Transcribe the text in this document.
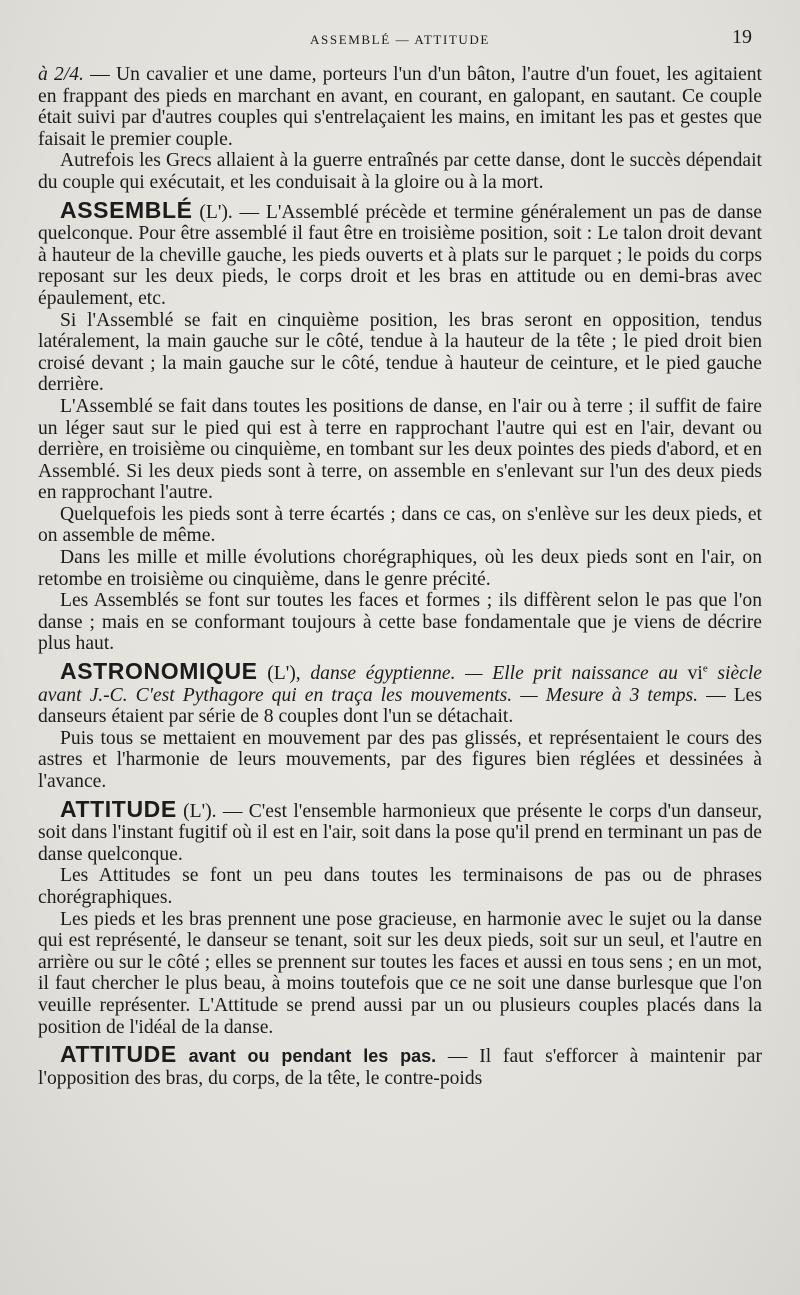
ASSEMBLÉ — ATTITUDE	19

à 2/4. — Un cavalier et une dame, porteurs l'un d'un bâton, l'autre d'un fouet, les agitaient en frappant des pieds en marchant en avant, en courant, en galopant, en sautant. Ce couple était suivi par d'autres couples qui s'entrelaçaient les mains, en imitant les pas et gestes que faisait le premier couple.

Autrefois les Grecs allaient à la guerre entraînés par cette danse, dont le succès dépendait du couple qui exécutait, et les conduisait à la gloire ou à la mort.

ASSEMBLÉ (L'). — L'Assemblé précède et termine généralement un pas de danse quelconque. Pour être assemblé il faut être en troisième position, soit : Le talon droit devant à hauteur de la cheville gauche, les pieds ouverts et à plats sur le parquet ; le poids du corps reposant sur les deux pieds, le corps droit et les bras en attitude ou en demi-bras avec épaulement, etc.

Si l'Assemblé se fait en cinquième position, les bras seront en opposition, tendus latéralement, la main gauche sur le côté, tendue à la hauteur de la tête ; le pied droit bien croisé devant ; la main gauche sur le côté, tendue à hauteur de ceinture, et le pied gauche derrière.

L'Assemblé se fait dans toutes les positions de danse, en l'air ou à terre ; il suffit de faire un léger saut sur le pied qui est à terre en rapprochant l'autre qui est en l'air, devant ou derrière, en troisième ou cinquième, en tombant sur les deux pointes des pieds d'abord, et en Assemblé. Si les deux pieds sont à terre, on assemble en s'enlevant sur l'un des deux pieds en rapprochant l'autre.

Quelquefois les pieds sont à terre écartés ; dans ce cas, on s'enlève sur les deux pieds, et on assemble de même.

Dans les mille et mille évolutions chorégraphiques, où les deux pieds sont en l'air, on retombe en troisième ou cinquième, dans le genre précité.

Les Assemblés se font sur toutes les faces et formes ; ils diffèrent selon le pas que l'on danse ; mais en se conformant toujours à cette base fondamentale que je viens de décrire plus haut.

ASTRONOMIQUE (L'), danse égyptienne. — Elle prit naissance au $vi^e$ siècle avant J.-C. C'est Pythagore qui en traça les mouvements. — Mesure à 3 temps. — Les danseurs étaient par série de 8 couples dont l'un se détachait.

Puis tous se mettaient en mouvement par des pas glissés, et représentaient le cours des astres et l'harmonie de leurs mouvements, par des figures bien réglées et dessinées à l'avance.

ATTITUDE (L'). — C'est l'ensemble harmonieux que présente le corps d'un danseur, soit dans l'instant fugitif où il est en l'air, soit dans la pose qu'il prend en terminant un pas de danse quelconque.

Les Attitudes se font un peu dans toutes les terminaisons de pas ou de phrases chorégraphiques.

Les pieds et les bras prennent une pose gracieuse, en harmonie avec le sujet ou la danse qui est représenté, le danseur se tenant, soit sur les deux pieds, soit sur un seul, et l'autre en arrière ou sur le côté ; elles se prennent sur toutes les faces et aussi en tous sens ; en un mot, il faut chercher le plus beau, à moins toutefois que ce ne soit une danse burlesque que l'on veuille représenter. L'Attitude se prend aussi par un ou plusieurs couples placés dans la position de l'idéal de la danse.

ATTITUDE avant ou pendant les pas. — Il faut s'efforcer à maintenir par l'opposition des bras, du corps, de la tête, le contre-poids
